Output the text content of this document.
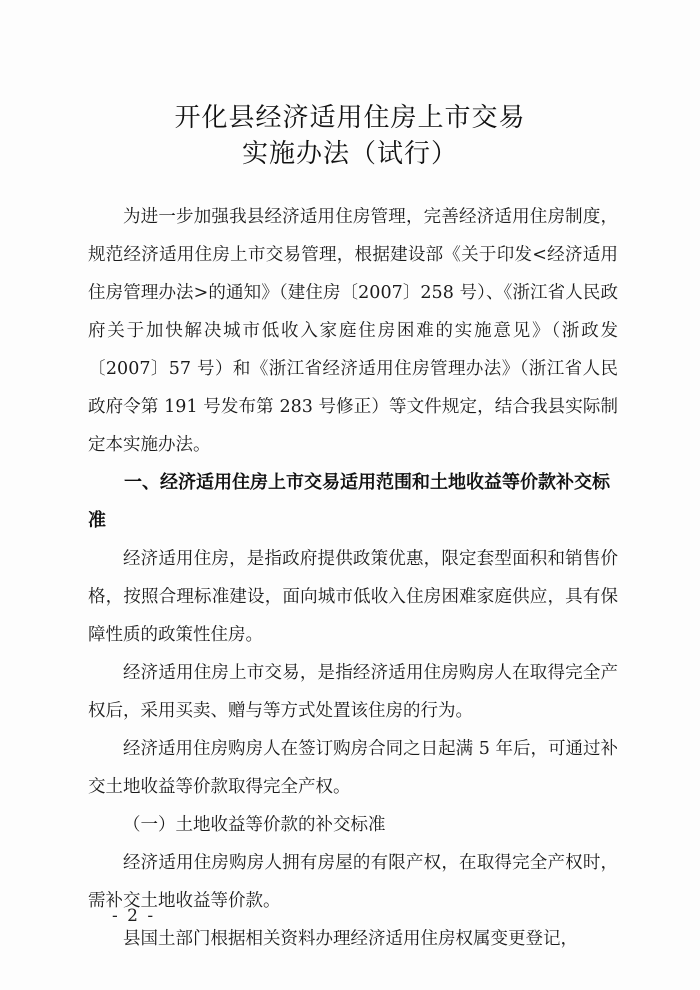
开化县经济适用住房上市交易
实施办法（试行）

为进一步加强我县经济适用住房管理，完善经济适用住房制度，规范经济适用住房上市交易管理，根据建设部《关于印发<经济适用住房管理办法>的通知》（建住房〔2007〕258 号）、《浙江省人民政府关于加快解决城市低收入家庭住房困难的实施意见》（浙政发〔2007〕57 号）和《浙江省经济适用住房管理办法》（浙江省人民政府令第 191 号发布第 283 号修正）等文件规定，结合我县实际制定本实施办法。

一、经济适用住房上市交易适用范围和土地收益等价款补交标准

经济适用住房，是指政府提供政策优惠，限定套型面积和销售价格，按照合理标准建设，面向城市低收入住房困难家庭供应，具有保障性质的政策性住房。

经济适用住房上市交易，是指经济适用住房购房人在取得完全产权后，采用买卖、赠与等方式处置该住房的行为。

经济适用住房购房人在签订购房合同之日起满 5 年后，可通过补交土地收益等价款取得完全产权。

（一）土地收益等价款的补交标准

经济适用住房购房人拥有房屋的有限产权，在取得完全产权时，需补交土地收益等价款。

县国土部门根据相关资料办理经济适用住房权属变更登记，

- 2 -
